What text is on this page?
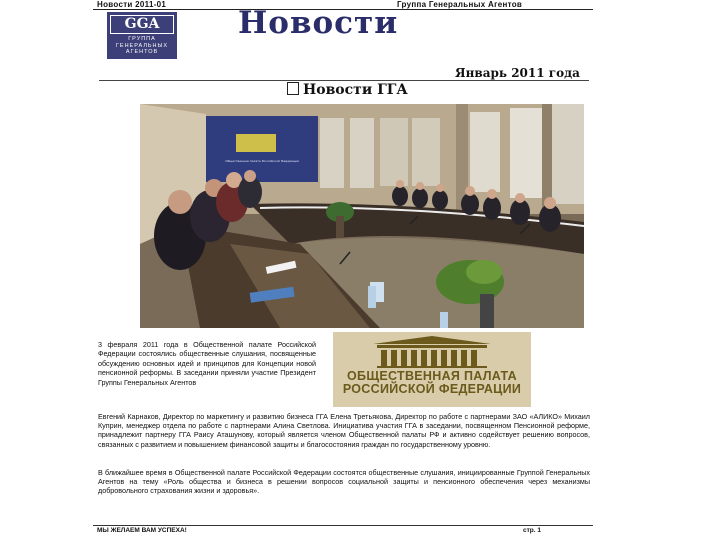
Новости 2011-01	Группа Генеральных Агентов
GGA
ГРУППА
ГЕНЕРАЛЬНЫХ
АГЕНТОВ
Новости
Январь 2011 года
Новости ГГА
Общественная палата Российской Федерации
3 февраля 2011 года в Общественной палате Российской Федерации состоялись общественные слушания, посвященные обсуждению основных идей и принципов для Концепции новой пенсионной реформы. В заседании приняли участие Президент Группы Генеральных Агентов	ОБЩЕСТВЕННАЯ ПАЛАТА
РОССИЙСКОЙ ФЕДЕРАЦИИ
Евгений Карнаков, Директор по маркетингу и развитию бизнеса ГГА Елена Третьякова, Директор по работе с партнерами ЗАО «АЛИКО» Михаил Куприн, менеджер отдела по работе с партнерами Алина Светлова. Инициатива участия ГГА в заседании, посвященном Пенсионной реформе, принадлежит партнеру ГГА Раису Аташунову, который является членом Общественной палаты РФ и активно содействует решению вопросов, связанных с развитием и повышением финансовой защиты и благосостояния граждан по государственному уровню.
В ближайшее время в Общественной палате Российской Федерации состоятся общественные слушания, инициированные Группой Генеральных Агентов на тему «Роль общества и бизнеса в решении вопросов социальной защиты и пенсионного обеспечения через механизмы добровольного страхования жизни и здоровья».
МЫ ЖЕЛАЕМ ВАМ УСПЕХА!	стр. 1
